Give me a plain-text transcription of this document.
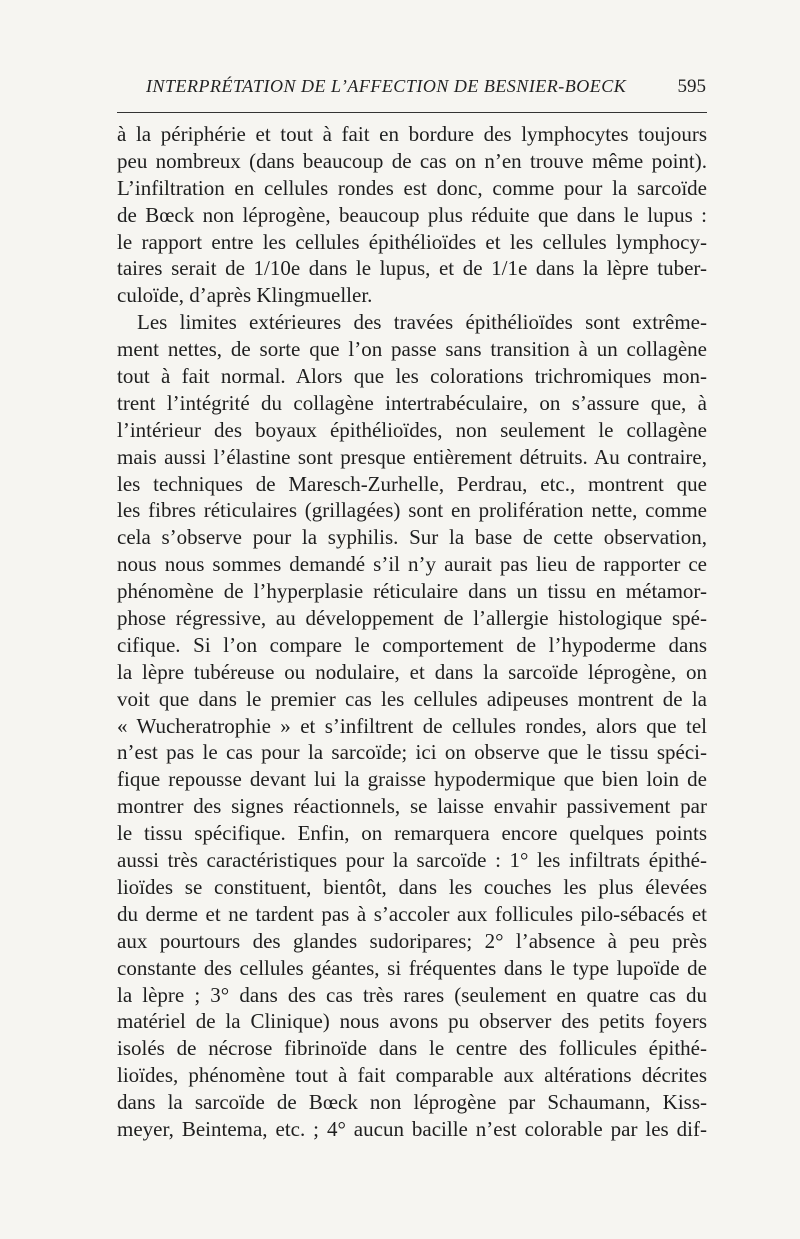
INTERPRÉTATION DE L’AFFECTION DE BESNIER-BOECK	595
à la périphérie et tout à fait en bordure des lymphocytes toujours
peu nombreux (dans beaucoup de cas on n’en trouve même point).
L’infiltration en cellules rondes est donc, comme pour la sarcoïde
de Bœck non léprogène, beaucoup plus réduite que dans le lupus :
le rapport entre les cellules épithélioïdes et les cellules lymphocy-
taires serait de 1/10e dans le lupus, et de 1/1e dans la lèpre tuber-
culoïde, d’après Klingmueller.
Les limites extérieures des travées épithélioïdes sont extrême-
ment nettes, de sorte que l’on passe sans transition à un collagène
tout à fait normal. Alors que les colorations trichromiques mon-
trent l’intégrité du collagène intertrabéculaire, on s’assure que, à
l’intérieur des boyaux épithélioïdes, non seulement le collagène
mais aussi l’élastine sont presque entièrement détruits. Au contraire,
les techniques de Maresch-Zurhelle, Perdrau, etc., montrent que
les fibres réticulaires (grillagées) sont en prolifération nette, comme
cela s’observe pour la syphilis. Sur la base de cette observation,
nous nous sommes demandé s’il n’y aurait pas lieu de rapporter ce
phénomène de l’hyperplasie réticulaire dans un tissu en métamor-
phose régressive, au développement de l’allergie histologique spé-
cifique. Si l’on compare le comportement de l’hypoderme dans
la lèpre tubéreuse ou nodulaire, et dans la sarcoïde léprogène, on
voit que dans le premier cas les cellules adipeuses montrent de la
« Wucheratrophie » et s’infiltrent de cellules rondes, alors que tel
n’est pas le cas pour la sarcoïde; ici on observe que le tissu spéci-
fique repousse devant lui la graisse hypodermique que bien loin de
montrer des signes réactionnels, se laisse envahir passivement par
le tissu spécifique. Enfin, on remarquera encore quelques points
aussi très caractéristiques pour la sarcoïde : 1° les infiltrats épithé-
lioïdes se constituent, bientôt, dans les couches les plus élevées
du derme et ne tardent pas à s’accoler aux follicules pilo-sébacés et
aux pourtours des glandes sudoripares; 2° l’absence à peu près
constante des cellules géantes, si fréquentes dans le type lupoïde de
la lèpre ; 3° dans des cas très rares (seulement en quatre cas du
matériel de la Clinique) nous avons pu observer des petits foyers
isolés de nécrose fibrinoïde dans le centre des follicules épithé-
lioïdes, phénomène tout à fait comparable aux altérations décrites
dans la sarcoïde de Bœck non léprogène par Schaumann, Kiss-
meyer, Beintema, etc. ; 4° aucun bacille n’est colorable par les dif-
